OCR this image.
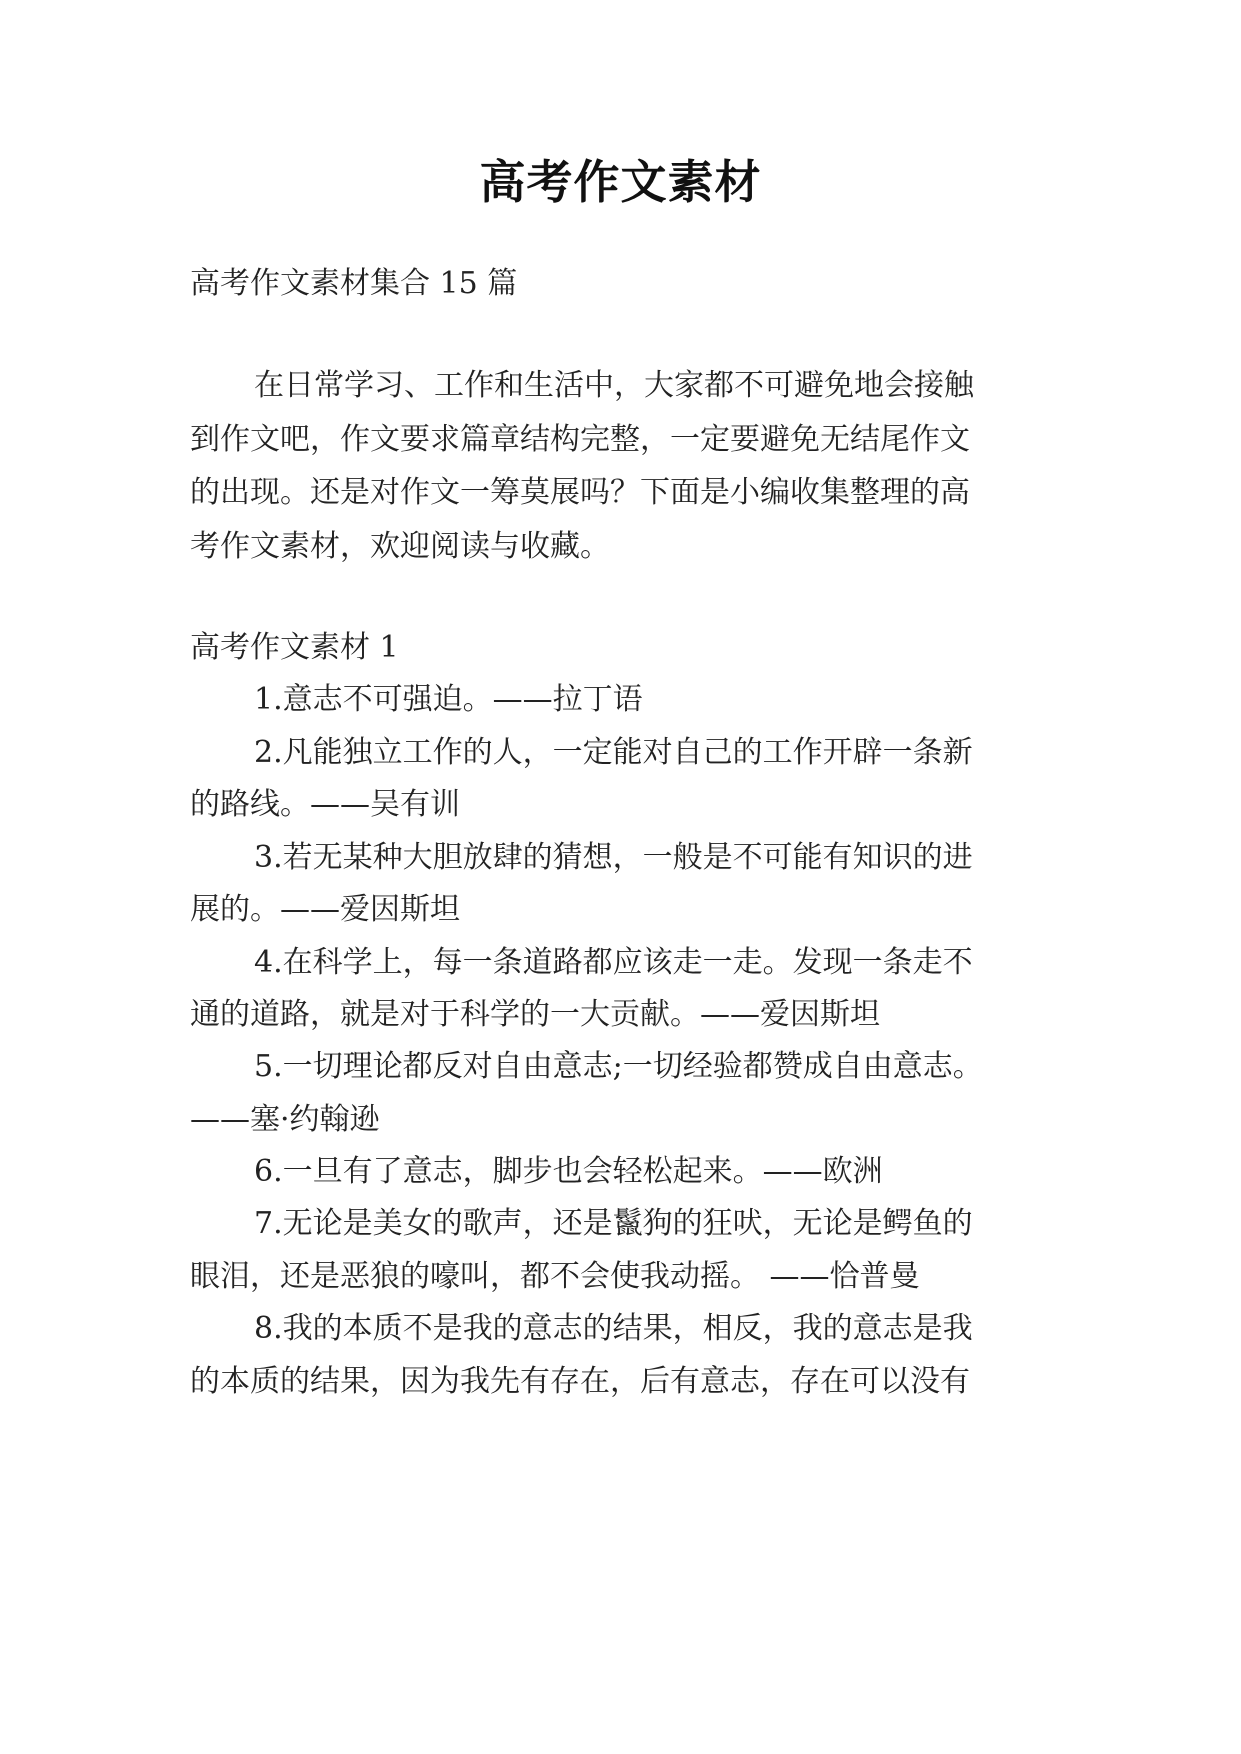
高考作文素材
高考作文素材集合 15 篇
在日常学习、工作和生活中，大家都不可避免地会接触
到作文吧，作文要求篇章结构完整，一定要避免无结尾作文
的出现。还是对作文一筹莫展吗？下面是小编收集整理的高
考作文素材，欢迎阅读与收藏。
高考作文素材 1
1.意志不可强迫。——拉丁语
2.凡能独立工作的人，一定能对自己的工作开辟一条新
的路线。——吴有训
3.若无某种大胆放肆的猜想，一般是不可能有知识的进
展的。——爱因斯坦
4.在科学上，每一条道路都应该走一走。发现一条走不
通的道路，就是对于科学的一大贡献。——爱因斯坦
5.一切理论都反对自由意志;一切经验都赞成自由意志。
——塞·约翰逊
6.一旦有了意志，脚步也会轻松起来。——欧洲
7.无论是美女的歌声，还是鬣狗的狂吠，无论是鳄鱼的
眼泪，还是恶狼的嚎叫，都不会使我动摇。 ——恰普曼
8.我的本质不是我的意志的结果，相反，我的意志是我
的本质的结果，因为我先有存在，后有意志，存在可以没有
